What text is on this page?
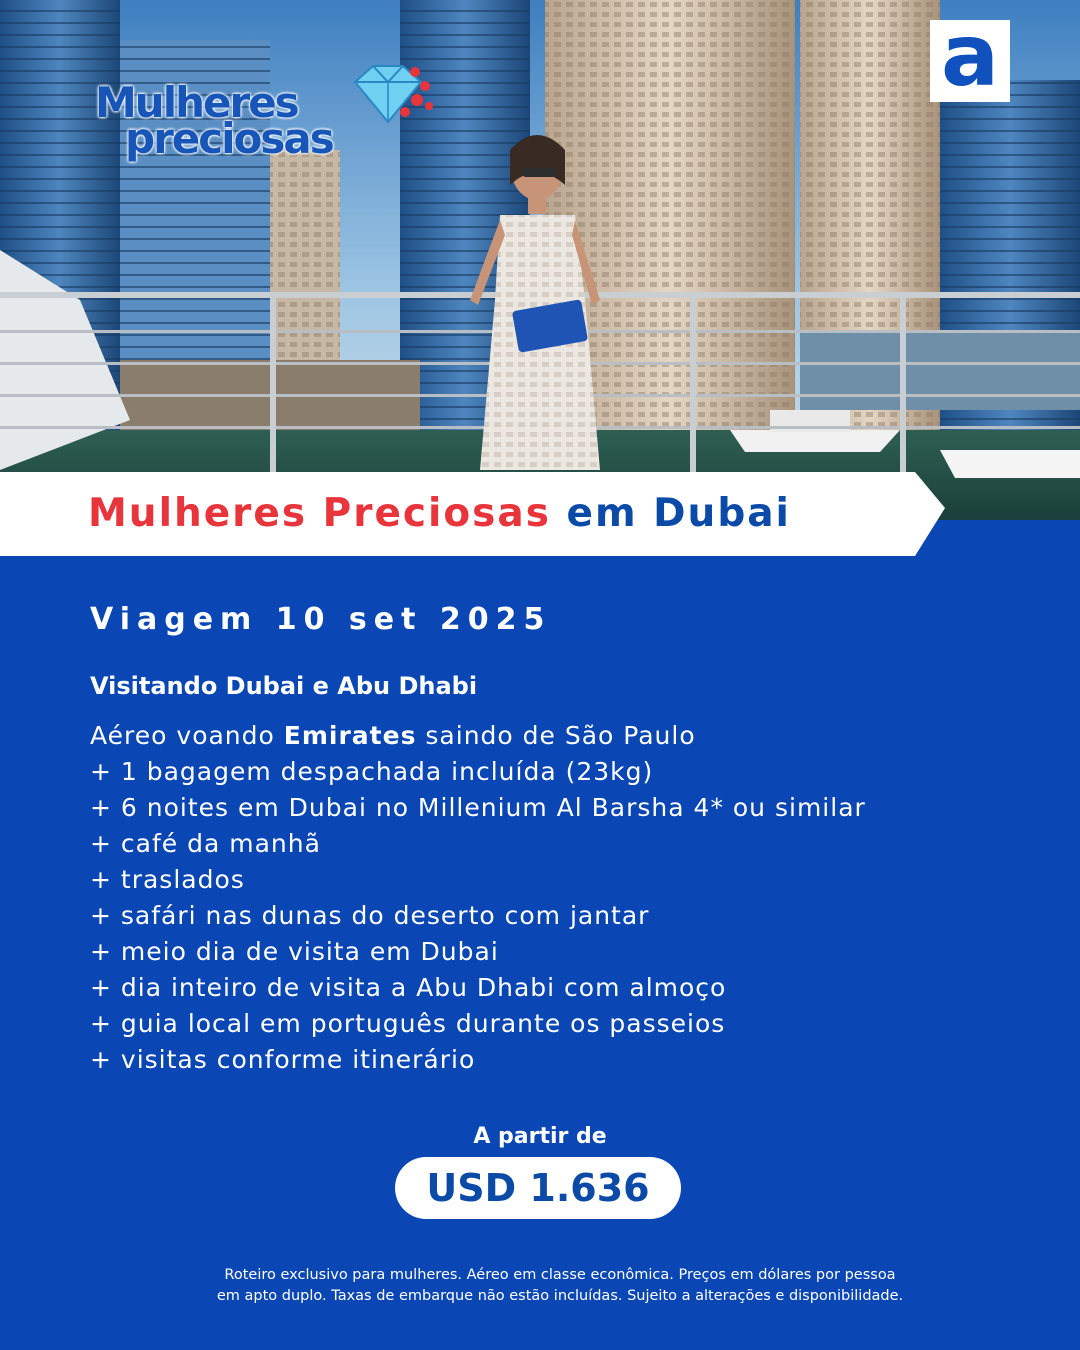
Mulheres
preciosas
a
Mulheres Preciosas em Dubai
Viagem 10 set 2025
Visitando Dubai e Abu Dhabi
Aéreo voando Emirates saindo de São Paulo
+ 1 bagagem despachada incluída (23kg)
+ 6 noites em Dubai no Millenium Al Barsha 4* ou similar
+ café da manhã
+ traslados
+ safári nas dunas do deserto com jantar
+ meio dia de visita em Dubai
+ dia inteiro de visita a Abu Dhabi com almoço
+ guia local em português durante os passeios
+ visitas conforme itinerário
A partir de
USD 1.636
Roteiro exclusivo para mulheres. Aéreo em classe econômica. Preços em dólares por pessoa
em apto duplo. Taxas de embarque não estão incluídas. Sujeito a alterações e disponibilidade.
